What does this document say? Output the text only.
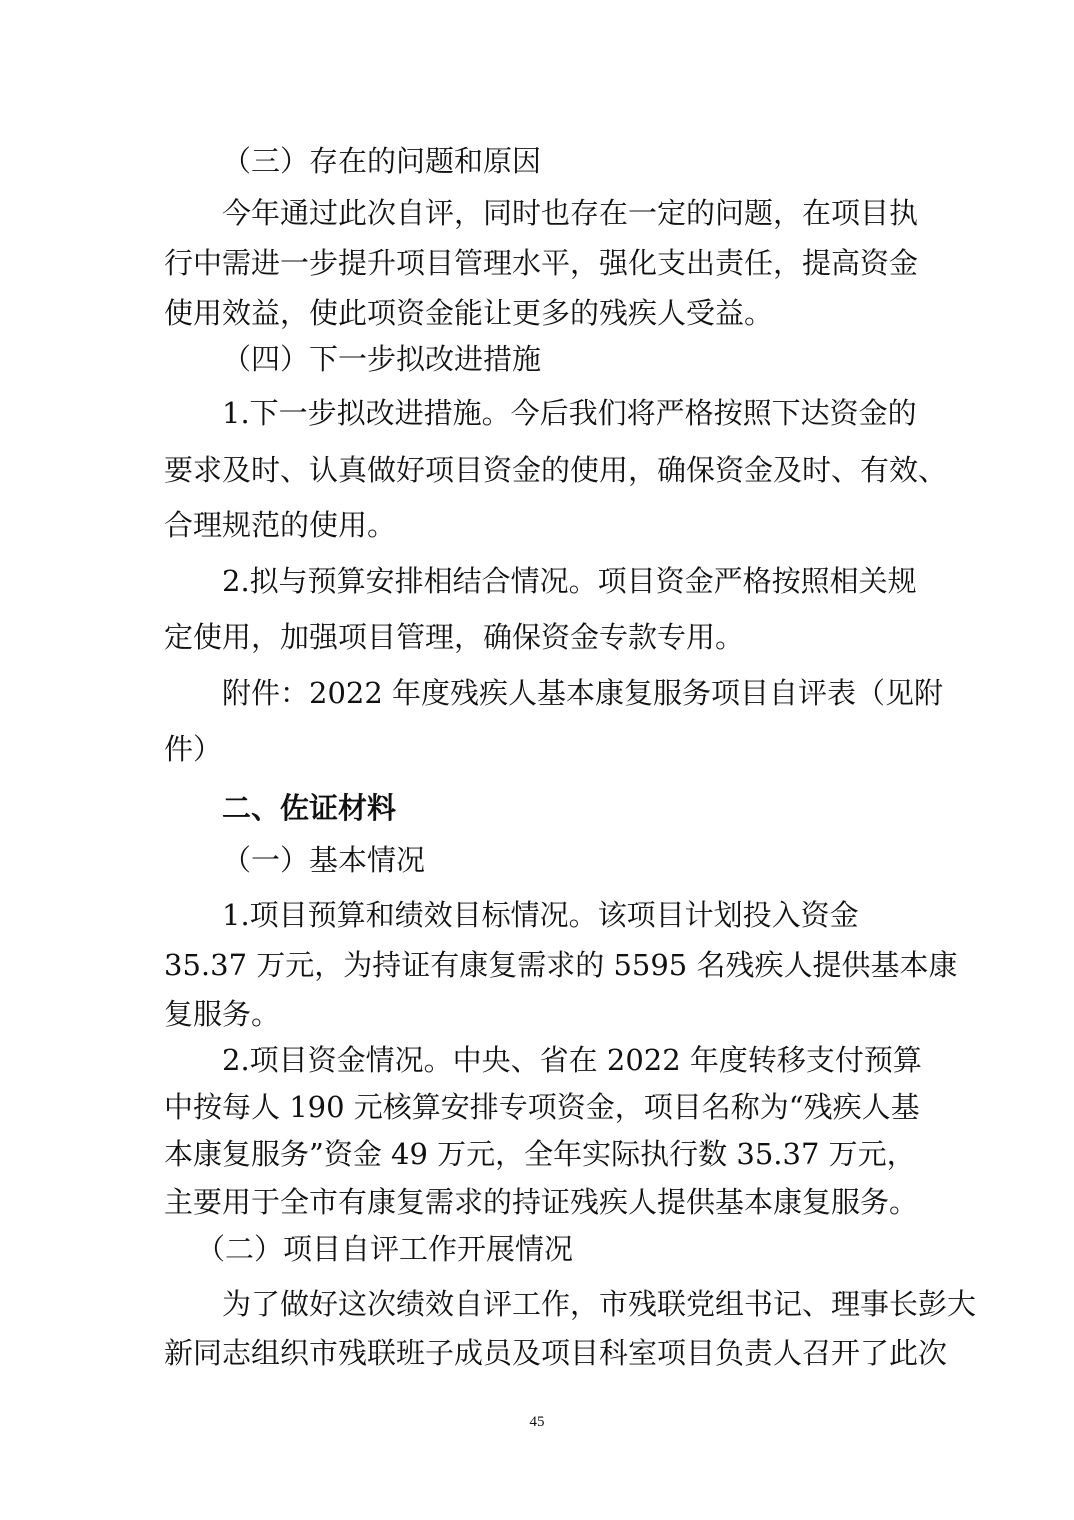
（三）存在的问题和原因
今年通过此次自评，同时也存在一定的问题，在项目执
行中需进一步提升项目管理水平，强化支出责任，提高资金
使用效益，使此项资金能让更多的残疾人受益。
（四）下一步拟改进措施
1.下一步拟改进措施。今后我们将严格按照下达资金的
要求及时、认真做好项目资金的使用，确保资金及时、有效、
合理规范的使用。
2.拟与预算安排相结合情况。项目资金严格按照相关规
定使用，加强项目管理，确保资金专款专用。
附件：2022 年度残疾人基本康复服务项目自评表（见附
件）
二、佐证材料
（一）基本情况
1.项目预算和绩效目标情况。该项目计划投入资金
35.37 万元，为持证有康复需求的 5595 名残疾人提供基本康
复服务。
2.项目资金情况。中央、省在 2022 年度转移支付预算
中按每人 190 元核算安排专项资金，项目名称为“残疾人基
本康复服务”资金 49 万元，全年实际执行数 35.37 万元，
主要用于全市有康复需求的持证残疾人提供基本康复服务。
（二）项目自评工作开展情况
为了做好这次绩效自评工作，市残联党组书记、理事长彭大
新同志组织市残联班子成员及项目科室项目负责人召开了此次
45
